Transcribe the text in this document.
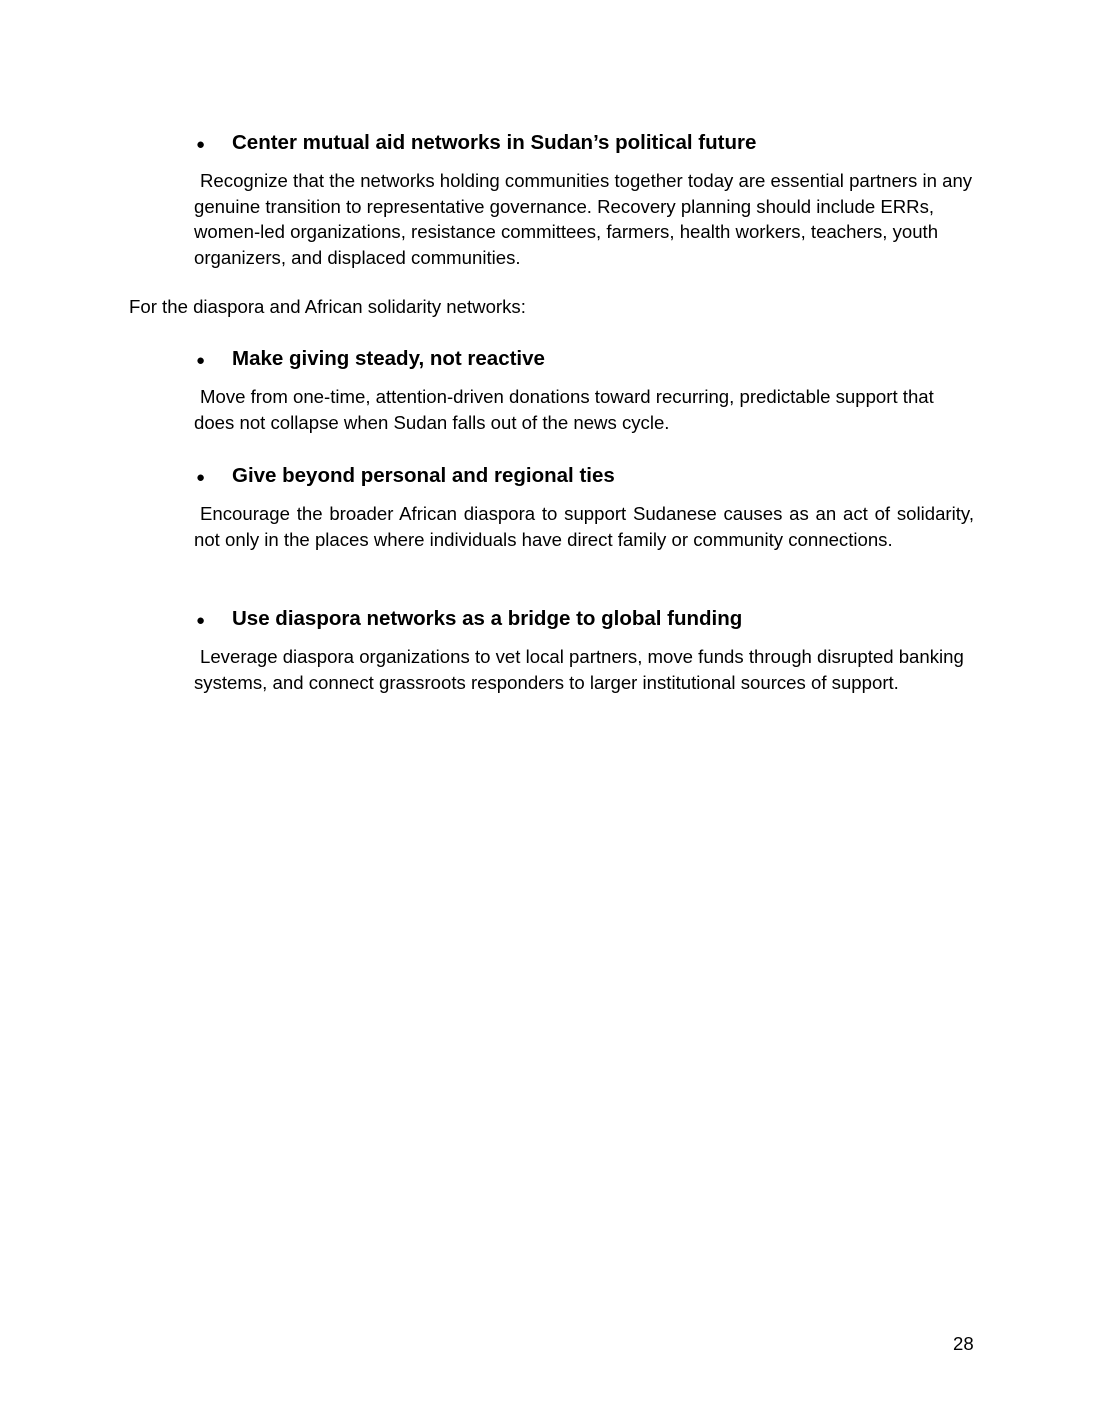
●	Center mutual aid networks in Sudan’s political future
Recognize that the networks holding communities together today are essential partners in any genuine transition to representative governance. Recovery planning should include ERRs, women-led organizations, resistance committees, farmers, health workers, teachers, youth organizers, and displaced communities.
For the diaspora and African solidarity networks:
●	Make giving steady, not reactive
Move from one-time, attention-driven donations toward recurring, predictable support that does not collapse when Sudan falls out of the news cycle.
●	Give beyond personal and regional ties
Encourage the broader African diaspora to support Sudanese causes as an act of solidarity, not only in the places where individuals have direct family or community connections.
●	Use diaspora networks as a bridge to global funding
Leverage diaspora organizations to vet local partners, move funds through disrupted banking systems, and connect grassroots responders to larger institutional sources of support.
28
